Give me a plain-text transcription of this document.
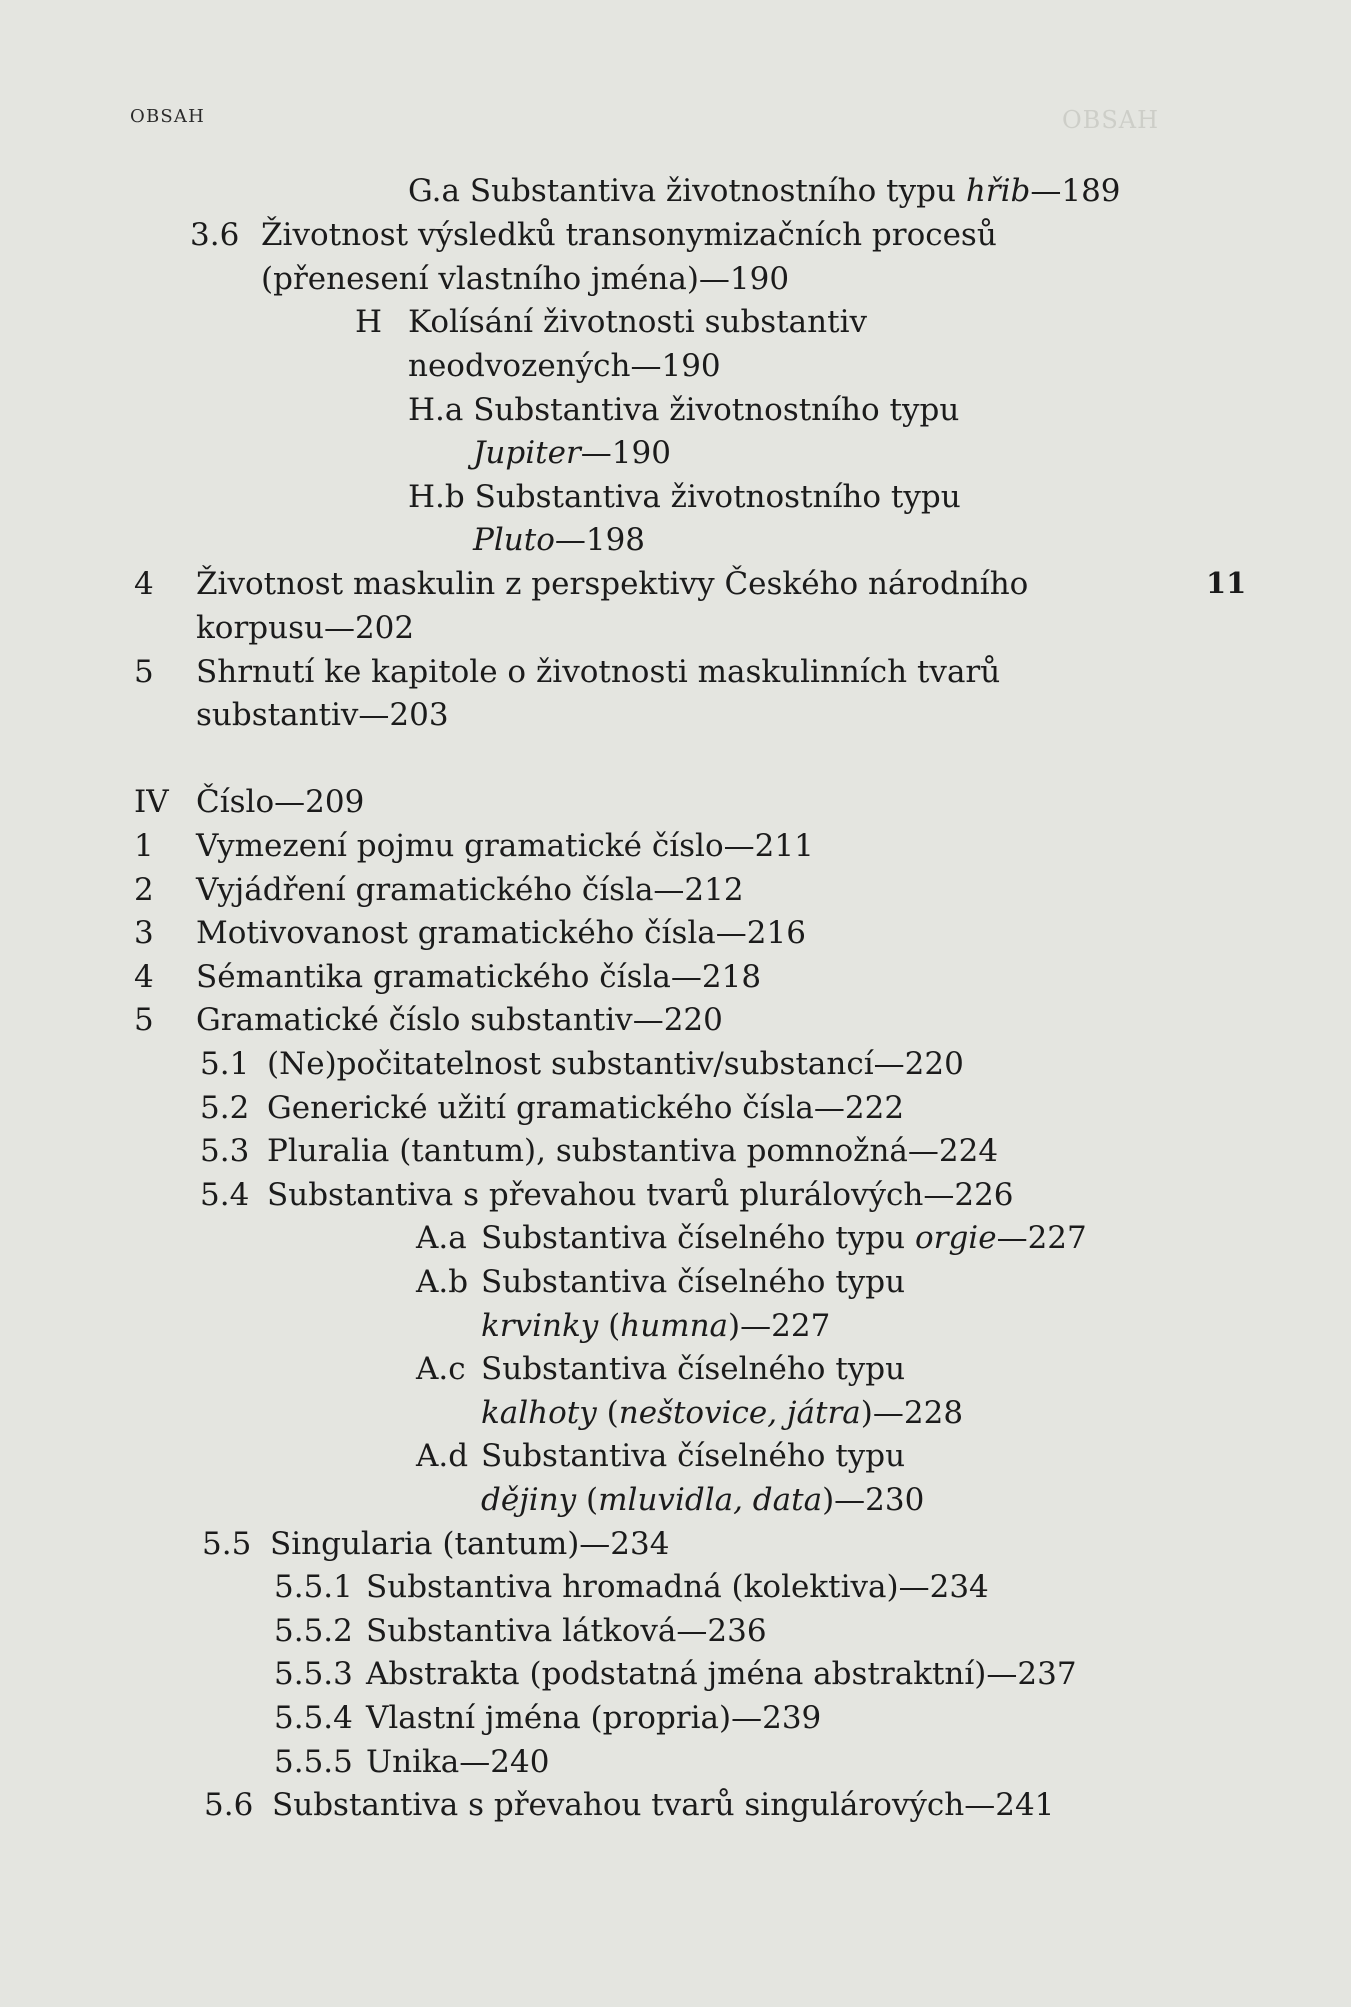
OBSAH	OBSAH
11
G.a Substantiva životnostního typu hřib—189
3.6 Životnost výsledků transonymizačních procesů
(přenesení vlastního jména)—190
H Kolísání životnosti substantiv
neodvozených—190
H.a Substantiva životnostního typu
Jupiter—190
H.b Substantiva životnostního typu
Pluto—198
4 Životnost maskulin z perspektivy Českého národního
korpusu—202
5 Shrnutí ke kapitole o životnosti maskulinních tvarů
substantiv—203
IV Číslo—209
1 Vymezení pojmu gramatické číslo—211
2 Vyjádření gramatického čísla—212
3 Motivovanost gramatického čísla—216
4 Sémantika gramatického čísla—218
5 Gramatické číslo substantiv—220
5.1 (Ne)počitatelnost substantiv/substancí—220
5.2 Generické užití gramatického čísla—222
5.3 Pluralia (tantum), substantiva pomnožná—224
5.4 Substantiva s převahou tvarů plurálových—226
A.a Substantiva číselného typu orgie—227
A.b Substantiva číselného typu
krvinky (humna)—227
A.c Substantiva číselného typu
kalhoty (neštovice, játra)—228
A.d Substantiva číselného typu
dějiny (mluvidla, data)—230
5.5 Singularia (tantum)—234
5.5.1 Substantiva hromadná (kolektiva)—234
5.5.2 Substantiva látková—236
5.5.3 Abstrakta (podstatná jména abstraktní)—237
5.5.4 Vlastní jména (propria)—239
5.5.5 Unika—240
5.6 Substantiva s převahou tvarů singulárových—241
